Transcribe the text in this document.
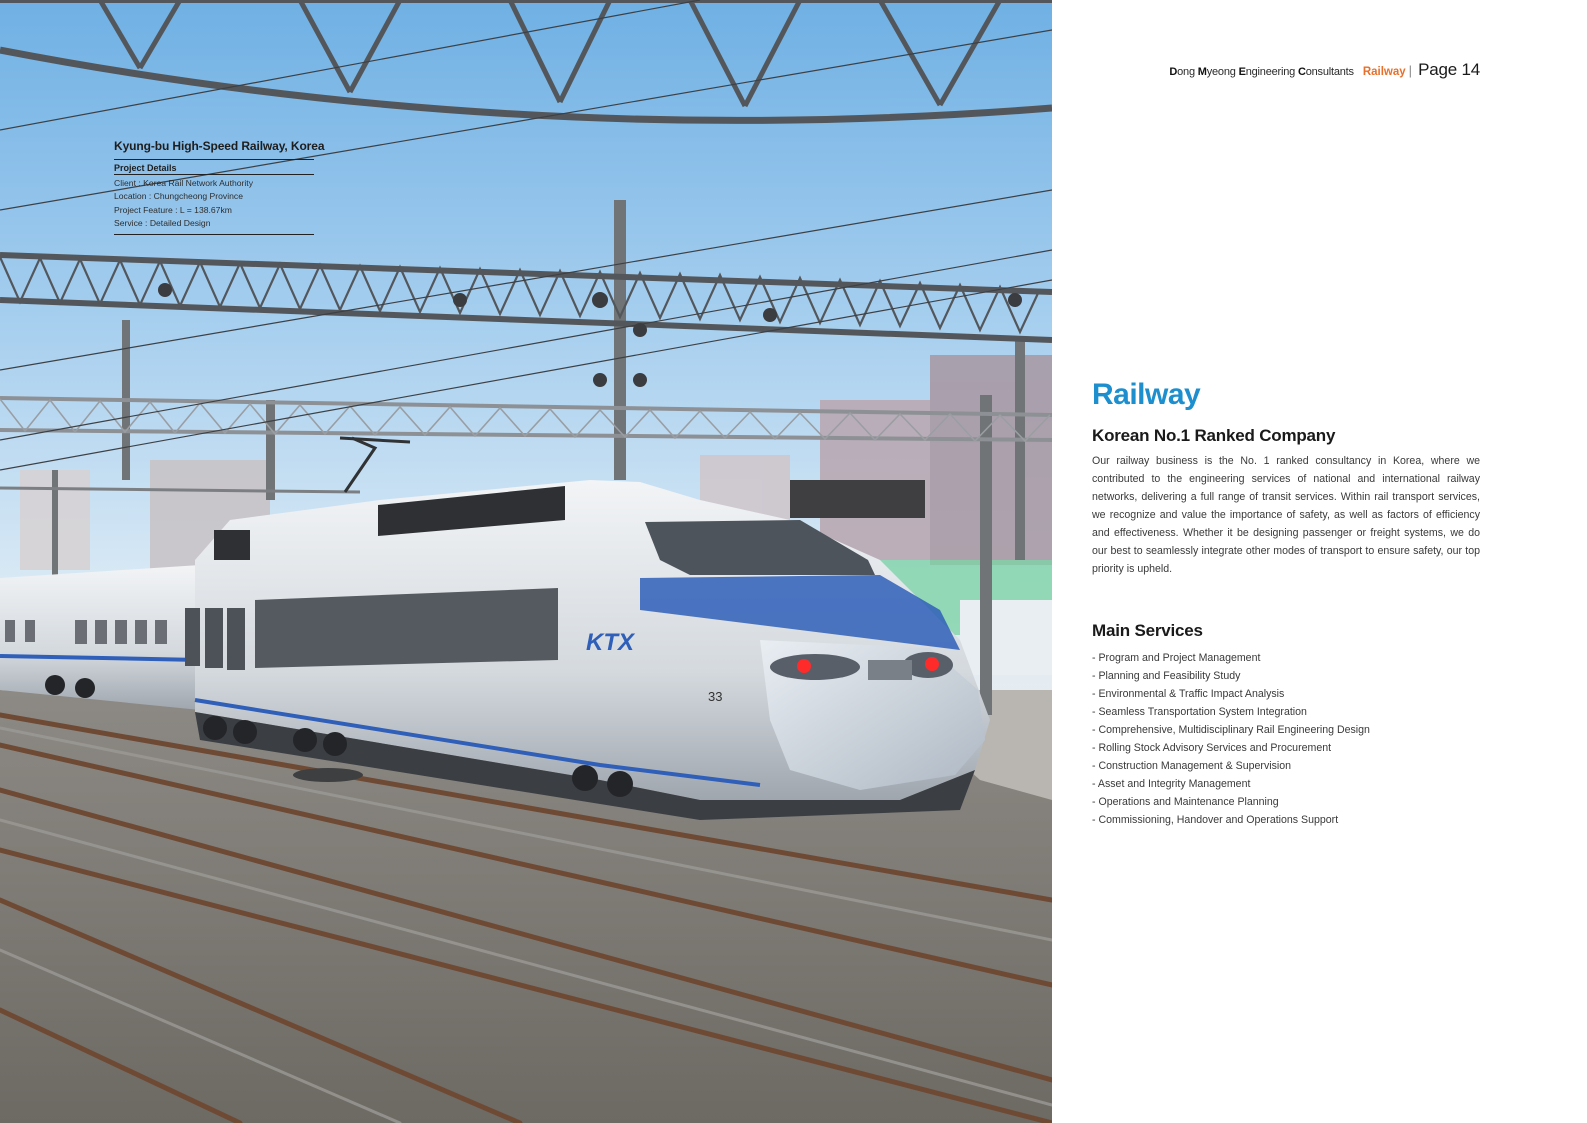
KTX
33
Kyung-bu High-Speed Railway, Korea
Project Details
Client : Korea Rail Network Authority
Location : Chungcheong Province
Project Feature : L = 138.67km
Service : Detailed Design
Dong Myeong Engineering Consultants Railway | Page 14
Railway
Korean No.1 Ranked Company

Our railway business is the No. 1 ranked consultancy in Korea, where we contributed to the engineering services of national and international railway networks, delivering a full range of transit services. Within rail transport services, we recognize and value the importance of safety, as well as factors of efficiency and effectiveness. Whether it be designing passenger or freight systems, we do our best to seamlessly integrate other modes of transport to ensure safety, our top priority is upheld.

Main Services
- Program and Project Management
- Planning and Feasibility Study
- Environmental & Traffic Impact Analysis
- Seamless Transportation System Integration
- Comprehensive, Multidisciplinary Rail Engineering Design
- Rolling Stock Advisory Services and Procurement
- Construction Management & Supervision
- Asset and Integrity Management
- Operations and Maintenance Planning
- Commissioning, Handover and Operations Support
